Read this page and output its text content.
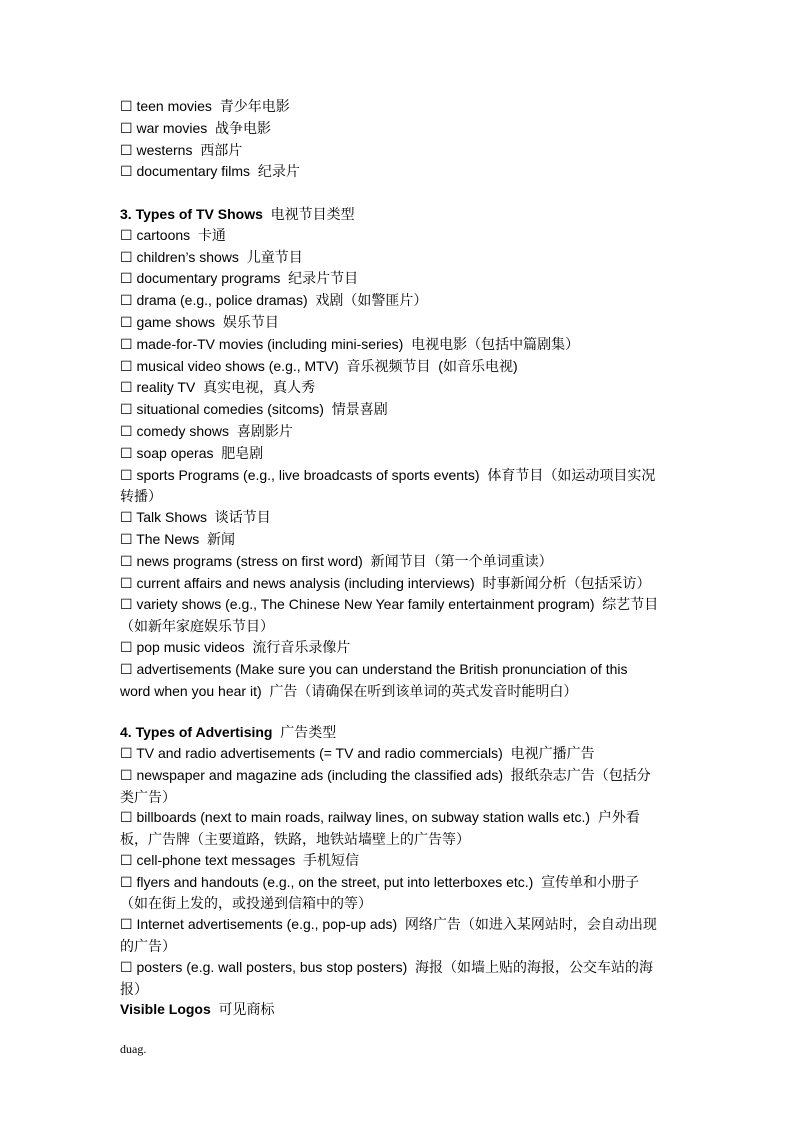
☐ teen movies  青少年电影
☐ war movies  战争电影
☐ westerns  西部片
☐ documentary films  纪录片
3. Types of TV Shows  电视节目类型
☐ cartoons  卡通
☐ children’s shows  儿童节目
☐ documentary programs  纪录片节目
☐ drama (e.g., police dramas)  戏剧（如警匪片）
☐ game shows  娱乐节目
☐ made-for-TV movies (including mini-series)  电视电影（包括中篇剧集）
☐ musical video shows (e.g., MTV)  音乐视频节目  (如音乐电视)
☐ reality TV  真实电视，真人秀
☐ situational comedies (sitcoms)  情景喜剧
☐ comedy shows  喜剧影片
☐ soap operas  肥皂剧
☐ sports Programs (e.g., live broadcasts of sports events)  体育节目（如运动项目实况转播）
☐ Talk Shows  谈话节目
☐ The News  新闻
☐ news programs (stress on first word)  新闻节目（第一个单词重读）
☐ current affairs and news analysis (including interviews)  时事新闻分析（包括采访）
☐ variety shows (e.g., The Chinese New Year family entertainment program)  综艺节目（如新年家庭娱乐节目）
☐ pop music videos  流行音乐录像片
☐ advertisements (Make sure you can understand the British pronunciation of this word when you hear it)  广告（请确保在听到该单词的英式发音时能明白）
4. Types of Advertising  广告类型
☐ TV and radio advertisements (= TV and radio commercials)  电视广播广告
☐ newspaper and magazine ads (including the classified ads)  报纸杂志广告（包括分类广告）
☐ billboards (next to main roads, railway lines, on subway station walls etc.)  户外看板，广告牌（主要道路，铁路，地铁站墙壁上的广告等）
☐ cell-phone text messages  手机短信
☐ flyers and handouts (e.g., on the street, put into letterboxes etc.)  宣传单和小册子（如在街上发的，或投递到信箱中的等）
☐ Internet advertisements (e.g., pop-up ads)  网络广告（如进入某网站时，会自动出现的广告）
☐ posters (e.g. wall posters, bus stop posters)  海报（如墙上贴的海报，公交车站的海报）
Visible Logos  可见商标
duag.
